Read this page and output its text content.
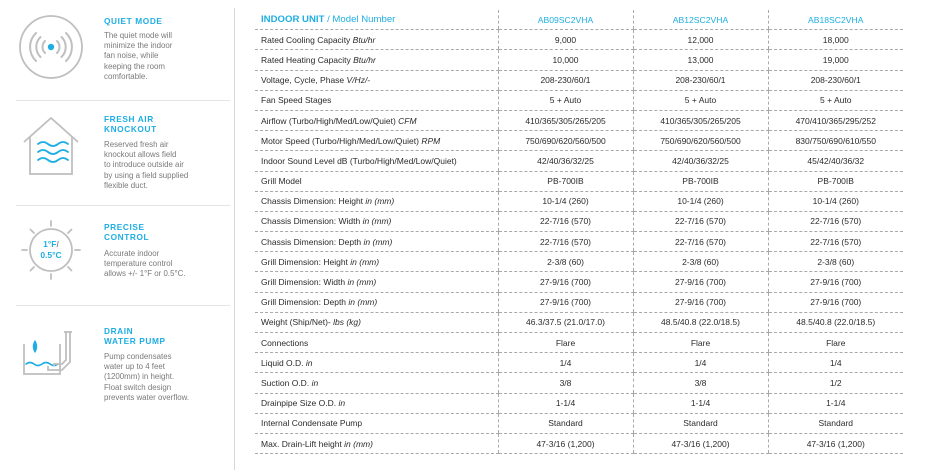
QUIET MODE
The quiet mode will
minimize the indoor
fan noise, while
keeping the room
comfortable.
FRESH AIR
KNOCKOUT
Reserved fresh air
knockout allows field
to introduce outside air
by using a field supplied
flexible duct.
1°F/
0.5°C
PRECISE
CONTROL
Accurate indoor
temperature control
allows +/- 1°F or 0.5°C.
DRAIN
WATER PUMP
Pump condensates
water up to 4 feet
(1200mm) in height.
Float switch design
prevents water overflow.
INDOOR UNIT / Model Number	AB09SC2VHA	AB12SC2VHA	AB18SC2VHA
Rated Cooling Capacity Btu/hr	9,000	12,000	18,000
Rated Heating Capacity Btu/hr	10,000	13,000	19,000
Voltage, Cycle, Phase V/Hz/-	208-230/60/1	208-230/60/1	208-230/60/1
Fan Speed Stages	5 + Auto	5 + Auto	5 + Auto
Airflow (Turbo/High/Med/Low/Quiet) CFM	410/365/305/265/205	410/365/305/265/205	470/410/365/295/252
Motor Speed (Turbo/High/Med/Low/Quiet) RPM	750/690/620/560/500	750/690/620/560/500	830/750/690/610/550
Indoor Sound Level dB (Turbo/High/Med/Low/Quiet)	42/40/36/32/25	42/40/36/32/25	45/42/40/36/32
Grill Model	PB-700IB	PB-700IB	PB-700IB
Chassis Dimension: Height in (mm)	10-1/4 (260)	10-1/4 (260)	10-1/4 (260)
Chassis Dimension: Width in (mm)	22-7/16 (570)	22-7/16 (570)	22-7/16 (570)
Chassis Dimension: Depth in (mm)	22-7/16 (570)	22-7/16 (570)	22-7/16 (570)
Grill Dimension: Height in (mm)	2-3/8 (60)	2-3/8 (60)	2-3/8 (60)
Grill Dimension: Width in (mm)	27-9/16 (700)	27-9/16 (700)	27-9/16 (700)
Grill Dimension: Depth in (mm)	27-9/16 (700)	27-9/16 (700)	27-9/16 (700)
Weight (Ship/Net)- lbs (kg)	46.3/37.5 (21.0/17.0)	48.5/40.8 (22.0/18.5)	48.5/40.8 (22.0/18.5)
Connections	Flare	Flare	Flare
Liquid O.D. in	1/4	1/4	1/4
Suction O.D. in	3/8	3/8	1/2
Drainpipe Size O.D. in	1-1/4	1-1/4	1-1/4
Internal Condensate Pump	Standard	Standard	Standard
Max. Drain-Lift height in (mm)	47-3/16 (1,200)	47-3/16 (1,200)	47-3/16 (1,200)
